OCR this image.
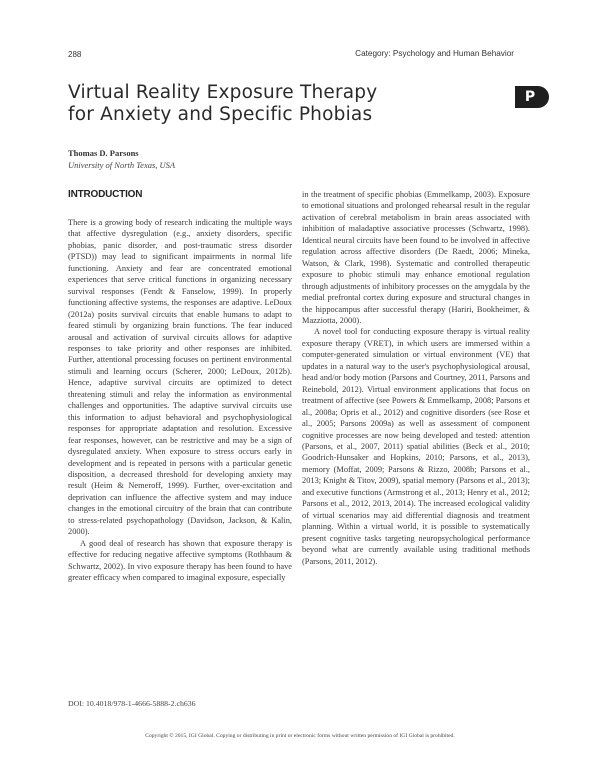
288	Category: Psychology and Human Behavior
Virtual Reality Exposure Therapy
for Anxiety and Specific Phobias
P
Thomas D. Parsons
University of North Texas, USA
INTRODUCTION

There is a growing body of research indicating the multiple ways that affective dysregulation (e.g., anxiety disorders, specific phobias, panic disorder, and post-traumatic stress disorder (PTSD)) may lead to significant impairments in normal life functioning. Anxiety and fear are concentrated emotional experiences that serve critical functions in organizing necessary survival responses (Fendt & Fanselow, 1999). In properly functioning affective systems, the responses are adaptive. LeDoux (2012a) posits survival circuits that enable humans to adapt to feared stimuli by organizing brain functions. The fear induced arousal and activation of survival circuits allows for adaptive responses to take priority and other responses are inhibited. Further, attentional processing focuses on pertinent environmental stimuli and learning occurs (Scherer, 2000; LeDoux, 2012b). Hence, adaptive survival circuits are optimized to detect threatening stimuli and relay the information as environmental challenges and opportunities. The adaptive survival circuits use this information to adjust behavioral and psychophysiological responses for appropriate adaptation and resolution. Excessive fear responses, however, can be restrictive and may be a sign of dysregulated anxiety. When exposure to stress occurs early in development and is repeated in persons with a particular genetic disposition, a decreased threshold for developing anxiety may result (Heim & Nemeroff, 1999). Further, over-excitation and deprivation can influence the affective system and may induce changes in the emotional circuitry of the brain that can contribute to stress-related psychopathology (Davidson, Jackson, & Kalin, 2000).

A good deal of research has shown that exposure therapy is effective for reducing negative affective symptoms (Rothbaum & Schwartz, 2002). In vivo exposure therapy has been found to have greater efficacy when compared to imaginal exposure, especially

in the treatment of specific phobias (Emmelkamp, 2003). Exposure to emotional situations and prolonged rehearsal result in the regular activation of cerebral metabolism in brain areas associated with inhibition of maladaptive associative processes (Schwartz, 1998). Identical neural circuits have been found to be involved in affective regulation across affective disorders (De Raedt, 2006; Mineka, Watson, & Clark, 1998). Systematic and controlled therapeutic exposure to phobic stimuli may enhance emotional regulation through adjustments of inhibitory processes on the amygdala by the medial prefrontal cortex during exposure and structural changes in the hippocampus after successful therapy (Hariri, Bookheimer, & Mazziotta, 2000).

A novel tool for conducting exposure therapy is virtual reality exposure therapy (VRET), in which users are immersed within a computer-generated simulation or virtual environment (VE) that updates in a natural way to the user's psychophysiological arousal, head and/or body motion (Parsons and Courtney, 2011, Parsons and Reinebold, 2012). Virtual environment applications that focus on treatment of affective (see Powers & Emmelkamp, 2008; Parsons et al., 2008a; Opris et al., 2012) and cognitive disorders (see Rose et al., 2005; Parsons 2009a) as well as assessment of component cognitive processes are now being developed and tested: attention (Parsons, et al., 2007, 2011) spatial abilities (Beck et al., 2010; Goodrich-Hunsaker and Hopkins, 2010; Parsons, et al., 2013), memory (Moffat, 2009; Parsons & Rizzo, 2008b; Parsons et al., 2013; Knight & Titov, 2009), spatial memory (Parsons et al., 2013); and executive functions (Armstrong et al., 2013; Henry et al., 2012; Parsons et al., 2012, 2013, 2014). The increased ecological validity of virtual scenarios may aid differential diagnosis and treatment planning. Within a virtual world, it is possible to systematically present cognitive tasks targeting neuropsychological performance beyond what are currently available using traditional methods (Parsons, 2011, 2012).

DOI: 10.4018/978-1-4666-5888-2.ch636
Copyright © 2015, IGI Global. Copying or distributing in print or electronic forms without written permission of IGI Global is prohibited.
